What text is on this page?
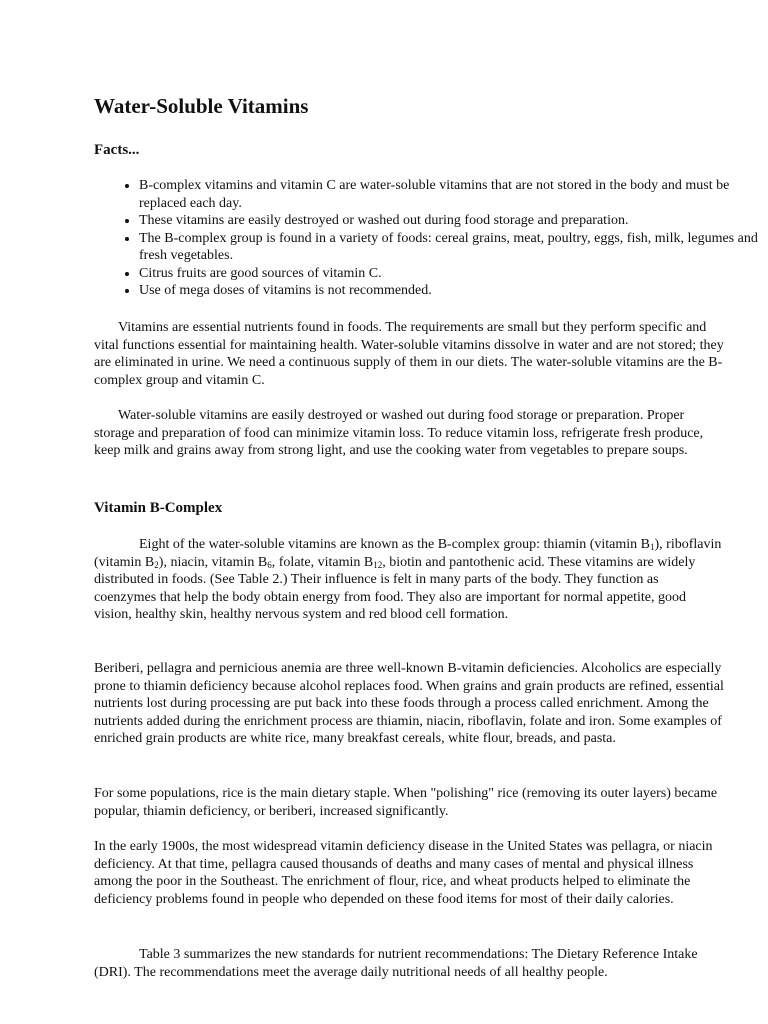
Water-Soluble Vitamins
Facts...
• B-complex vitamins and vitamin C are water-soluble vitamins that are not stored in the body and must be replaced each day.
• These vitamins are easily destroyed or washed out during food storage and preparation.
• The B-complex group is found in a variety of foods: cereal grains, meat, poultry, eggs, fish, milk, legumes and fresh vegetables.
• Citrus fruits are good sources of vitamin C.
• Use of mega doses of vitamins is not recommended.

Vitamins are essential nutrients found in foods. The requirements are small but they perform specific and vital functions essential for maintaining health. Water-soluble vitamins dissolve in water and are not stored; they are eliminated in urine. We need a continuous supply of them in our diets. The water-soluble vitamins are the B-complex group and vitamin C.

Water-soluble vitamins are easily destroyed or washed out during food storage or preparation. Proper storage and preparation of food can minimize vitamin loss. To reduce vitamin loss, refrigerate fresh produce, keep milk and grains away from strong light, and use the cooking water from vegetables to prepare soups.

Vitamin B-Complex

Eight of the water-soluble vitamins are known as the B-complex group: thiamin (vitamin $B_1$), riboflavin (vitamin $B_2$), niacin, vitamin $B_6$, folate, vitamin $B_{12}$, biotin and pantothenic acid. These vitamins are widely distributed in foods. (See Table 2.) Their influence is felt in many parts of the body. They function as coenzymes that help the body obtain energy from food. They also are important for normal appetite, good vision, healthy skin, healthy nervous system and red blood cell formation.

Beriberi, pellagra and pernicious anemia are three well-known B-vitamin deficiencies. Alcoholics are especially prone to thiamin deficiency because alcohol replaces food. When grains and grain products are refined, essential nutrients lost during processing are put back into these foods through a process called enrichment. Among the nutrients added during the enrichment process are thiamin, niacin, riboflavin, folate and iron. Some examples of enriched grain products are white rice, many breakfast cereals, white flour, breads, and pasta.

For some populations, rice is the main dietary staple. When "polishing" rice (removing its outer layers) became popular, thiamin deficiency, or beriberi, increased significantly.

In the early 1900s, the most widespread vitamin deficiency disease in the United States was pellagra, or niacin deficiency. At that time, pellagra caused thousands of deaths and many cases of mental and physical illness among the poor in the Southeast. The enrichment of flour, rice, and wheat products helped to eliminate the deficiency problems found in people who depended on these food items for most of their daily calories.

Table 3 summarizes the new standards for nutrient recommendations: The Dietary Reference Intake (DRI). The recommendations meet the average daily nutritional needs of all healthy people.
